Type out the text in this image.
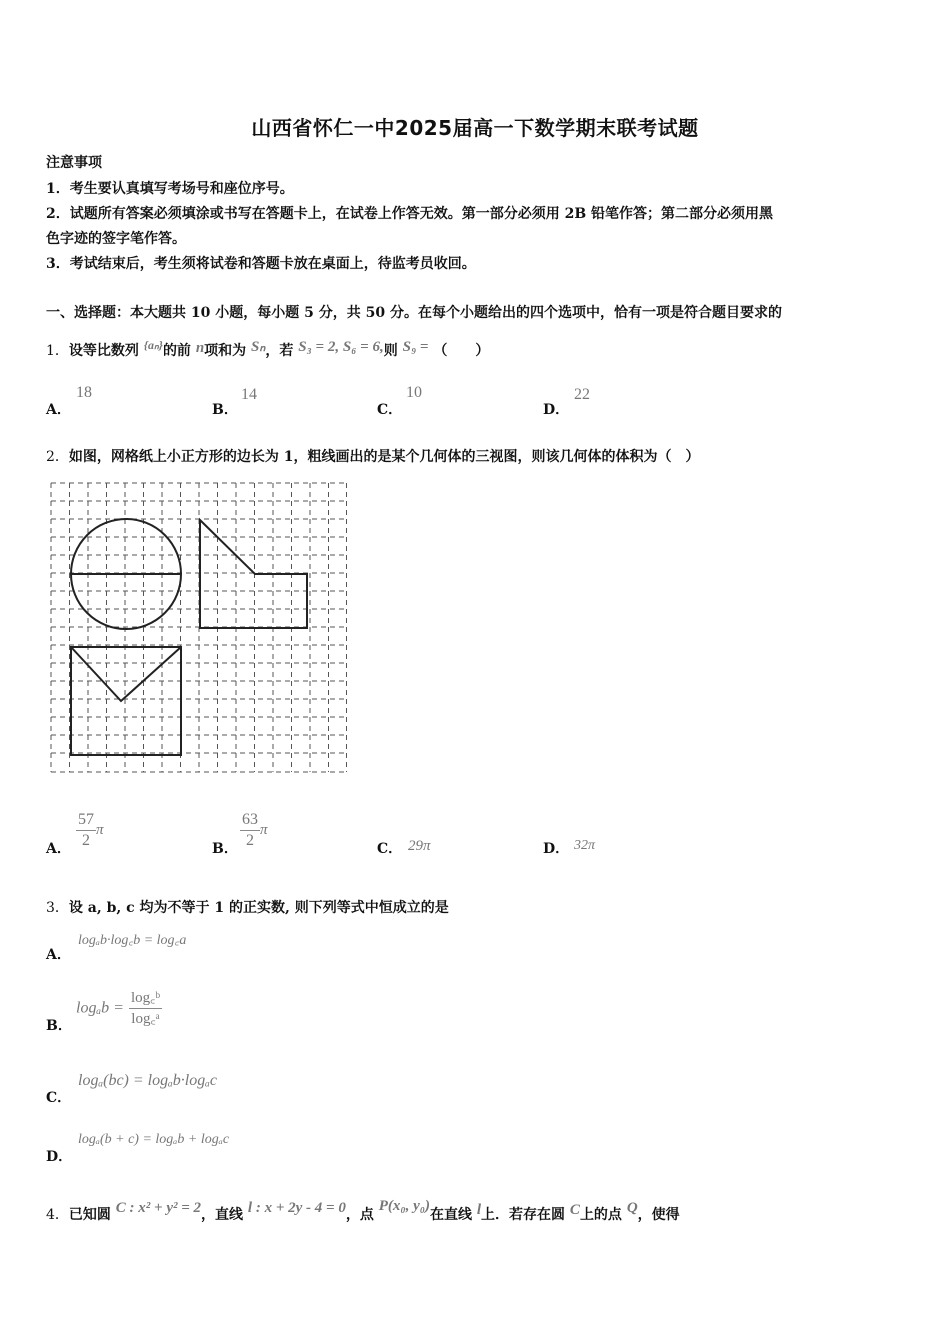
山西省怀仁一中2025届高一下数学期末联考试题
注意事项
1．考生要认真填写考场号和座位序号。
2．试题所有答案必须填涂或书写在答题卡上，在试卷上作答无效。第一部分必须用 2B 铅笔作答；第二部分必须用黑
色字迹的签字笔作答。
3．考试结束后，考生须将试卷和答题卡放在桌面上，待监考员收回。
一、选择题：本大题共 10 小题，每小题 5 分，共 50 分。在每个小题给出的四个选项中，恰有一项是符合题目要求的
1．设等比数列 {aₙ}的前 n项和为 Sₙ，若 S₃ = 2, S₆ = 6,则 S₉ = （　　）
A．
18
B．
14
C．
10
D．
22
2．如图，网格纸上小正方形的边长为 1，粗线画出的是某个几何体的三视图，则该几何体的体积为（　）
A． $\frac{57}{2}$ π
B． $\frac{63}{2}$ π
C． 29π	D． 32π
3．设 a, b, c 均为不等于 1 的正实数, 则下列等式中恒成立的是
A．
logₐb·log꜀b = log꜀a
B．
$\log_ab = \frac{\text{log꜀ᵇ}}{\text{log꜀ᵃ}}$
C．
logₐ(bc) = logₐb·logₐc
D．
logₐ(b + c) = logₐb + logₐc
4．已知圆 C : x² + y² = 2，直线 l : x + 2y - 4 = 0，点 P(x₀, y₀)在直线 l上．若存在圆 C上的点 Q，使得
